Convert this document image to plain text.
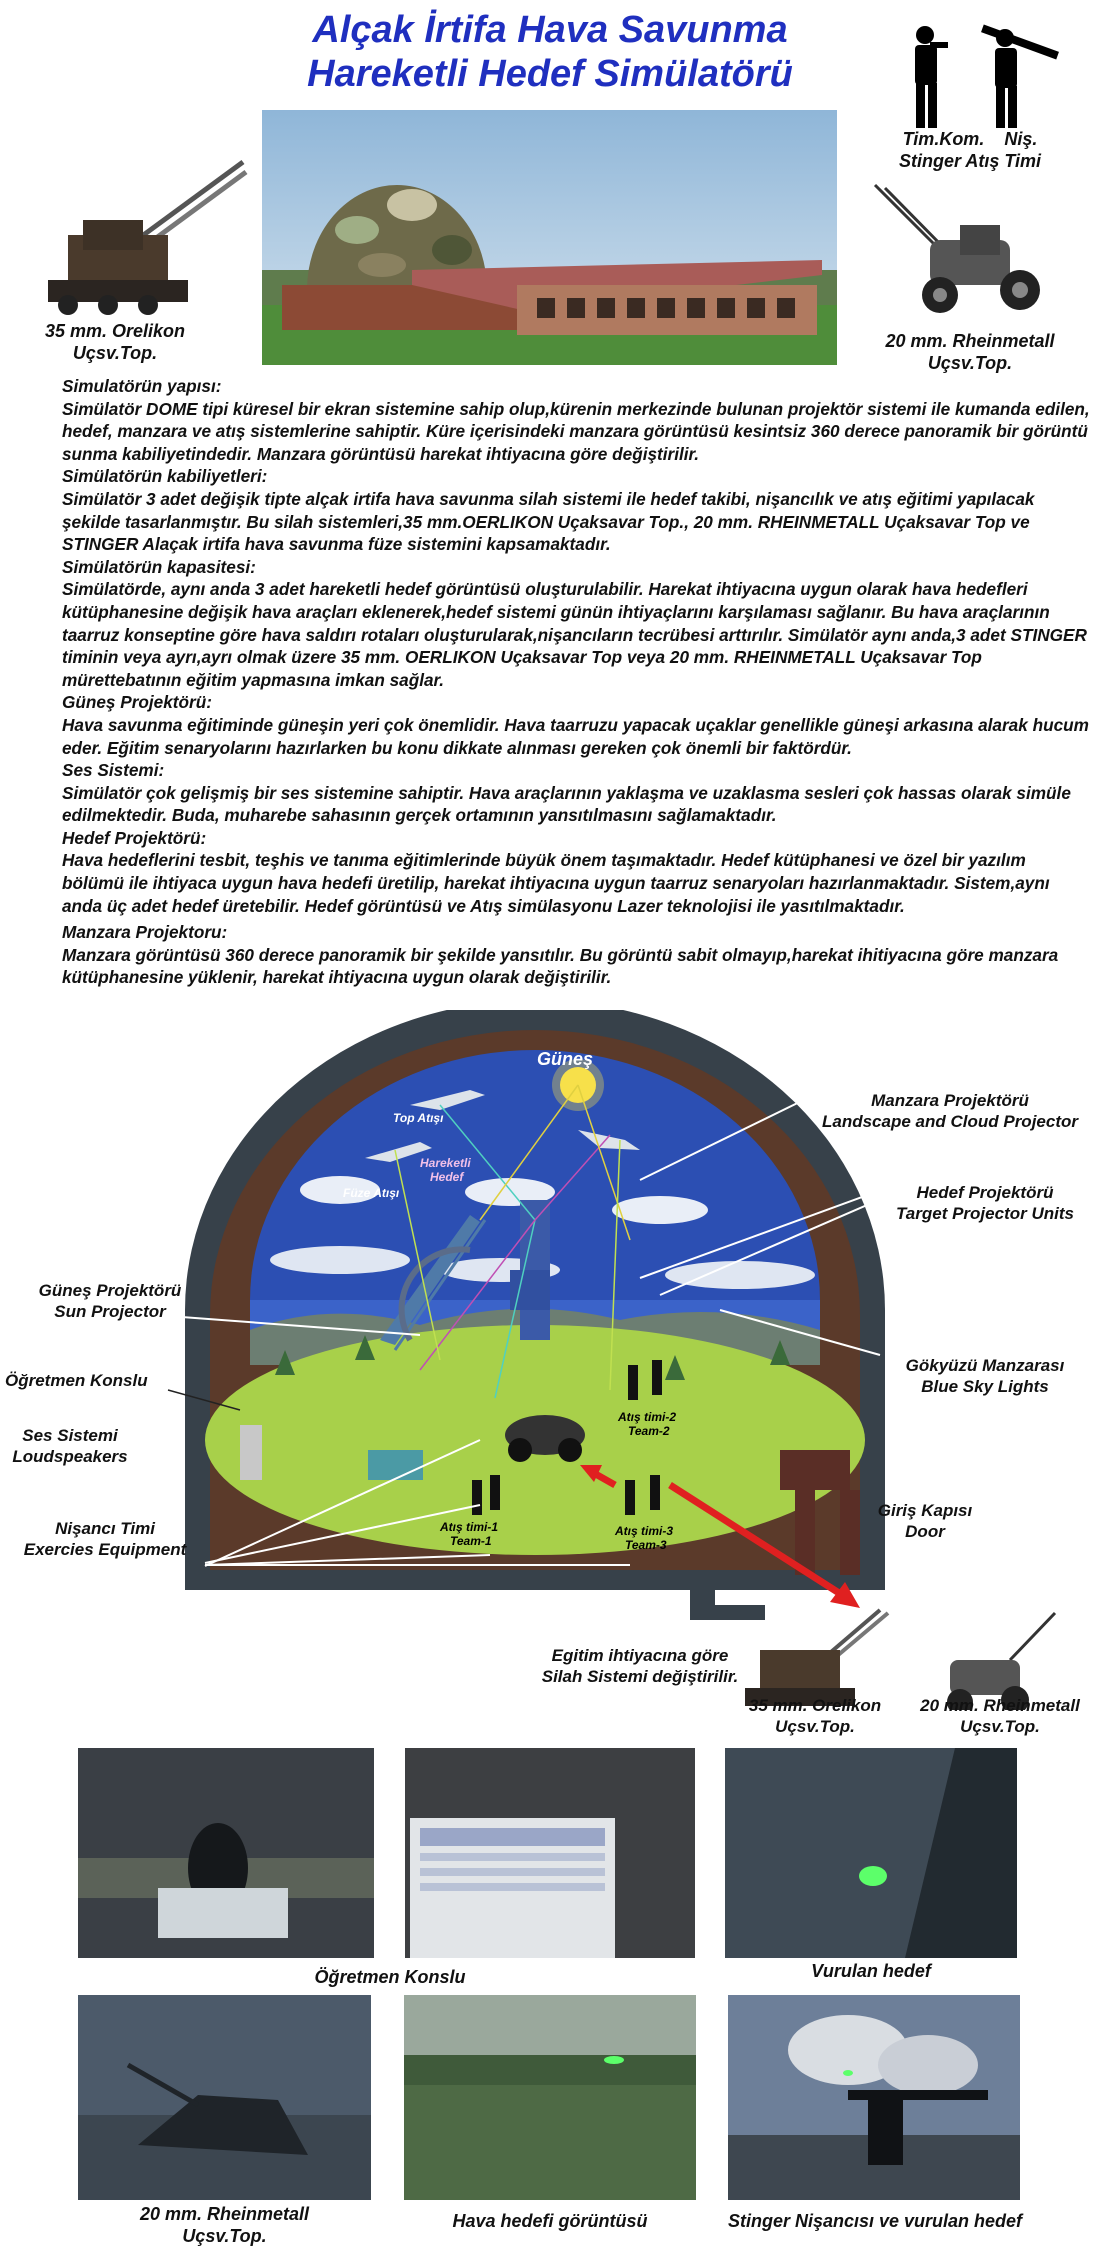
Alçak İrtifa Hava Savunma
Hareketli Hedef Simülatörü
35 mm. Orelikon
Uçsv.Top.
Tim.Kom. Niş.
Stinger Atış Timi
20 mm. Rheinmetall
Uçsv.Top.

Simulatörün yapısı:
Simülatör DOME tipi küresel bir ekran sistemine sahip olup,kürenin merkezinde bulunan projektör sistemi ile kumanda edilen, hedef, manzara ve atış sistemlerine sahiptir. Küre içerisindeki manzara görüntüsü kesintsiz 360 derece panoramik bir görüntü sunma kabiliyetindedir. Manzara görüntüsü harekat ihtiyacına göre değiştirilir.

Simülatörün kabiliyetleri:
Simülatör 3 adet değişik tipte alçak irtifa hava savunma silah sistemi ile hedef takibi, nişancılık ve atış eğitimi yapılacak şekilde tasarlanmıştır. Bu silah sistemleri,35 mm.OERLIKON Uçaksavar Top., 20 mm. RHEINMETALL Uçaksavar Top ve STINGER Alaçak irtifa hava savunma füze sistemini kapsamaktadır.

Simülatörün kapasitesi:
Simülatörde, aynı anda 3 adet hareketli hedef görüntüsü oluşturulabilir. Harekat ihtiyacına uygun olarak hava hedefleri kütüphanesine değişik hava araçları eklenerek,hedef sistemi günün ihtiyaçlarını karşılaması sağlanır. Bu hava araçlarının taarruz konseptine göre hava saldırı rotaları oluşturularak,nişancıların tecrübesi arttırılır. Simülatör aynı anda,3 adet STINGER timinin veya ayrı,ayrı olmak üzere 35 mm. OERLIKON Uçaksavar Top veya 20 mm. RHEINMETALL Uçaksavar Top mürettebatının eğitim yapmasına imkan sağlar.

Güneş Projektörü:
Hava savunma eğitiminde güneşin yeri çok önemlidir. Hava taarruzu yapacak uçaklar genellikle güneşi arkasına alarak hucum eder. Eğitim senaryolarını hazırlarken bu konu dikkate alınması gereken çok önemli bir faktördür.

Ses Sistemi:
Simülatör çok gelişmiş bir ses sistemine sahiptir. Hava araçlarının yaklaşma ve uzaklasma sesleri çok hassas olarak simüle edilmektedir. Buda, muharebe sahasının gerçek ortamının yansıtılmasını sağlamaktadır.

Hedef Projektörü:
Hava hedeflerini tesbit, teşhis ve tanıma eğitimlerinde büyük önem taşımaktadır. Hedef kütüphanesi ve özel bir yazılım bölümü ile ihtiyaca uygun hava hedefi üretilip, harekat ihtiyacına uygun taarruz senaryoları hazırlanmaktadır. Sistem,aynı anda üç adet hedef üretebilir. Hedef görüntüsü ve Atış simülasyonu Lazer teknolojisi ile yasıtılmaktadır.

Manzara Projektoru:
Manzara görüntüsü 360 derece panoramik bir şekilde yansıtılır. Bu görüntü sabit olmayıp,harekat ihitiyacına göre manzara kütüphanesine yüklenir, harekat ihtiyacına uygun olarak değiştirilir.

Güneş
Top Atışı
Hareketli
Hedef
Füze Atışı
Atış timi-1
Team-1
Atış timi-2
Team-2
Atış timi-3
Team-3
Manzara Projektörü
Landscape and Cloud Projector
Hedef Projektörü
Target Projector Units
Güneş Projektörü
Sun Projector
Gökyüzü Manzarası
Blue Sky Lights
Öğretmen Konslu
Ses Sistemi
Loudspeakers
Nişancı Timi
Exercies Equipment
Giriş Kapısı
Door
Egitim ihtiyacına göre
Silah Sistemi değiştirilir.
35 mm. Orelikon	20 mm. Rheinmetall
Uçsv.Top.	Uçsv.Top.
Öğretmen Konslu	Vurulan hedef
20 mm. Rheinmetall
Uçsv.Top.
Hava hedefi görüntüsü	Stinger Nişancısı ve vurulan hedef
